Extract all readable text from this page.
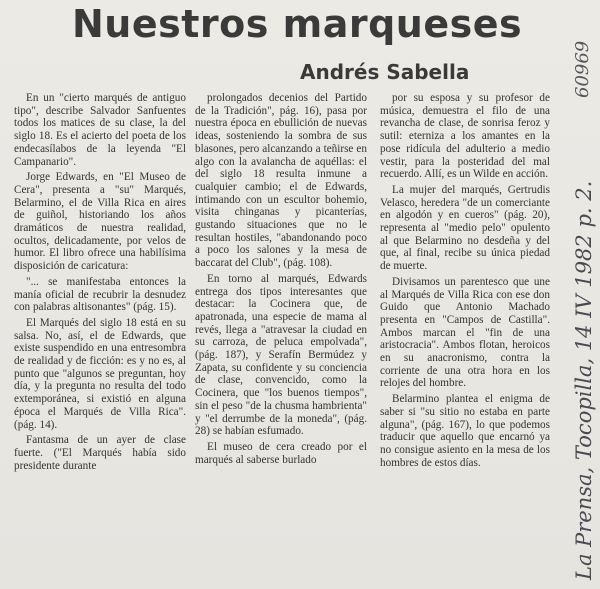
Nuestros marqueses
Andrés Sabella

En un "cierto marqués de antiguo tipo", describe Salvador Sanfuentes todos los matices de su clase, la del siglo 18. Es el acierto del poeta de los endecasílabos de la leyenda "El Campanario".

Jorge Edwards, en "El Museo de Cera", presenta a "su" Marqués, Belarmino, el de Villa Rica en aires de guiñol, historiando los años dramáticos de nuestra realidad, ocultos, delicadamente, por velos de humor. El libro ofrece una habilísima disposición de caricatura:

"... se manifestaba entonces la manía oficial de recubrir la desnudez con palabras altisonantes" (pág. 15).

El Marqués del siglo 18 está en su salsa. No, así, el de Edwards, que existe suspendido en una entresombra de realidad y de ficción: es y no es, al punto que "algunos se preguntan, hoy día, y la pregunta no resulta del todo extemporánea, si existió en alguna época el Marqués de Villa Rica". (pág. 14).

Fantasma de un ayer de clase fuerte. ("El Marqués había sido presidente durante

prolongados decenios del Partido de la Tradición", pág. 16), pasa por nuestra época en ebullición de nuevas ideas, sosteniendo la sombra de sus blasones, pero alcanzando a teñirse en algo con la avalancha de aquéllas: el del siglo 18 resulta inmune a cualquier cambio; el de Edwards, intimando con un escultor bohemio, visita chinganas y picanterías, gustando situaciones que no le resultan hostiles, "abandonando poco a poco los salones y la mesa de baccarat del Club", (pág. 108).

En torno al marqués, Edwards entrega dos tipos interesantes que destacar: la Cocinera que, de apatronada, una especie de mama al revés, llega a "atravesar la ciudad en su carroza, de peluca empolvada", (pág. 187), y Serafín Bermúdez y Zapata, su confidente y su conciencia de clase, convencido, como la Cocinera, que "los buenos tiempos", sin el peso "de la chusma hambrienta" y "el derrumbe de la moneda", (pág. 28) se habían esfumado.

El museo de cera creado por el marqués al saberse burlado

por su esposa y su profesor de música, demuestra el filo de una revancha de clase, de sonrisa feroz y sutil: eterniza a los amantes en la pose ridícula del adulterio a medio vestir, para la posteridad del mal recuerdo. Allí, es un Wilde en acción.

La mujer del marqués, Gertrudis Velasco, heredera "de un comerciante en algodón y en cueros" (pág. 20), representa al "medio pelo" opulento al que Belarmino no desdeña y del que, al final, recibe su única piedad de muerte.

Divisamos un parentesco que une al Marqués de Villa Rica con ese don Guido que Antonio Machado presenta en "Campos de Castilla". Ambos marcan el "fin de una aristocracia". Ambos flotan, heroicos en su anacronismo, contra la corriente de una otra hora en los relojes del hombre.

Belarmino plantea el enigma de saber si "su sitio no estaba en parte alguna", (pág. 167), lo que podemos traducir que aquello que encarnó ya no consigue asiento en la mesa de los hombres de estos días.

60969
La Prensa, Tocopilla, 14 IV 1982 p. 2.
